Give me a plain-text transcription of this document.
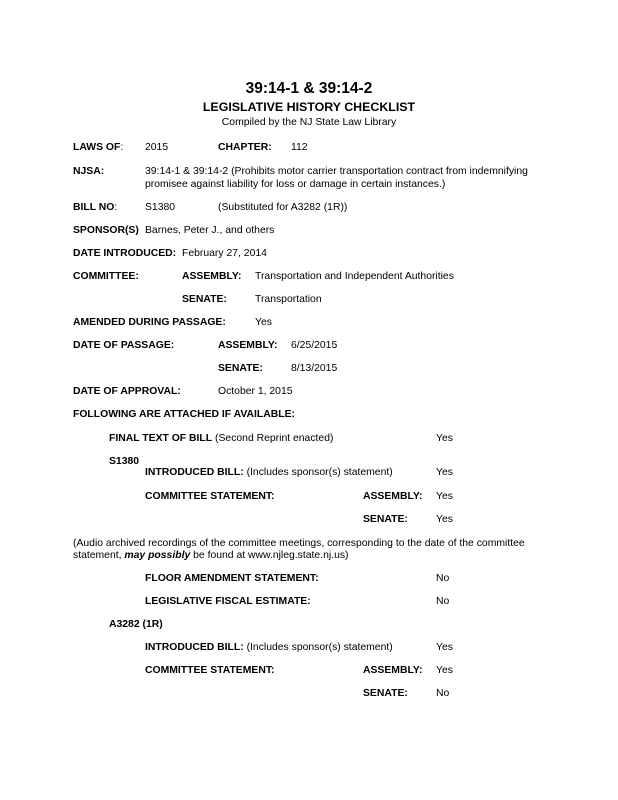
39:14-1 & 39:14-2
LEGISLATIVE HISTORY CHECKLIST
Compiled by the NJ State Law Library
LAWS OF: 2015	CHAPTER: 112
NJSA:	39:14-1 & 39:14-2 (Prohibits motor carrier transportation contract from indemnifying
promisee against liability for loss or damage in certain instances.)
BILL NO:	S1380	(Substituted for A3282 (1R))
SPONSOR(S) Barnes, Peter J., and others
DATE INTRODUCED: February 27, 2014
COMMITTEE:	ASSEMBLY: Transportation and Independent Authorities
SENATE:	Transportation
AMENDED DURING PASSAGE:	Yes
DATE OF PASSAGE:	ASSEMBLY: 6/25/2015
SENATE:	8/13/2015
DATE OF APPROVAL:	October 1, 2015
FOLLOWING ARE ATTACHED IF AVAILABLE:
FINAL TEXT OF BILL (Second Reprint enacted)	Yes
S1380
INTRODUCED BILL: (Includes sponsor(s) statement)	Yes
COMMITTEE STATEMENT:	ASSEMBLY: Yes
SENATE:	Yes
(Audio archived recordings of the committee meetings, corresponding to the date of the committee
statement, may possibly be found at www.njleg.state.nj.us)
FLOOR AMENDMENT STATEMENT:	No
LEGISLATIVE FISCAL ESTIMATE:	No
A3282 (1R)
INTRODUCED BILL: (Includes sponsor(s) statement)	Yes
COMMITTEE STATEMENT:	ASSEMBLY: Yes
SENATE:	No
